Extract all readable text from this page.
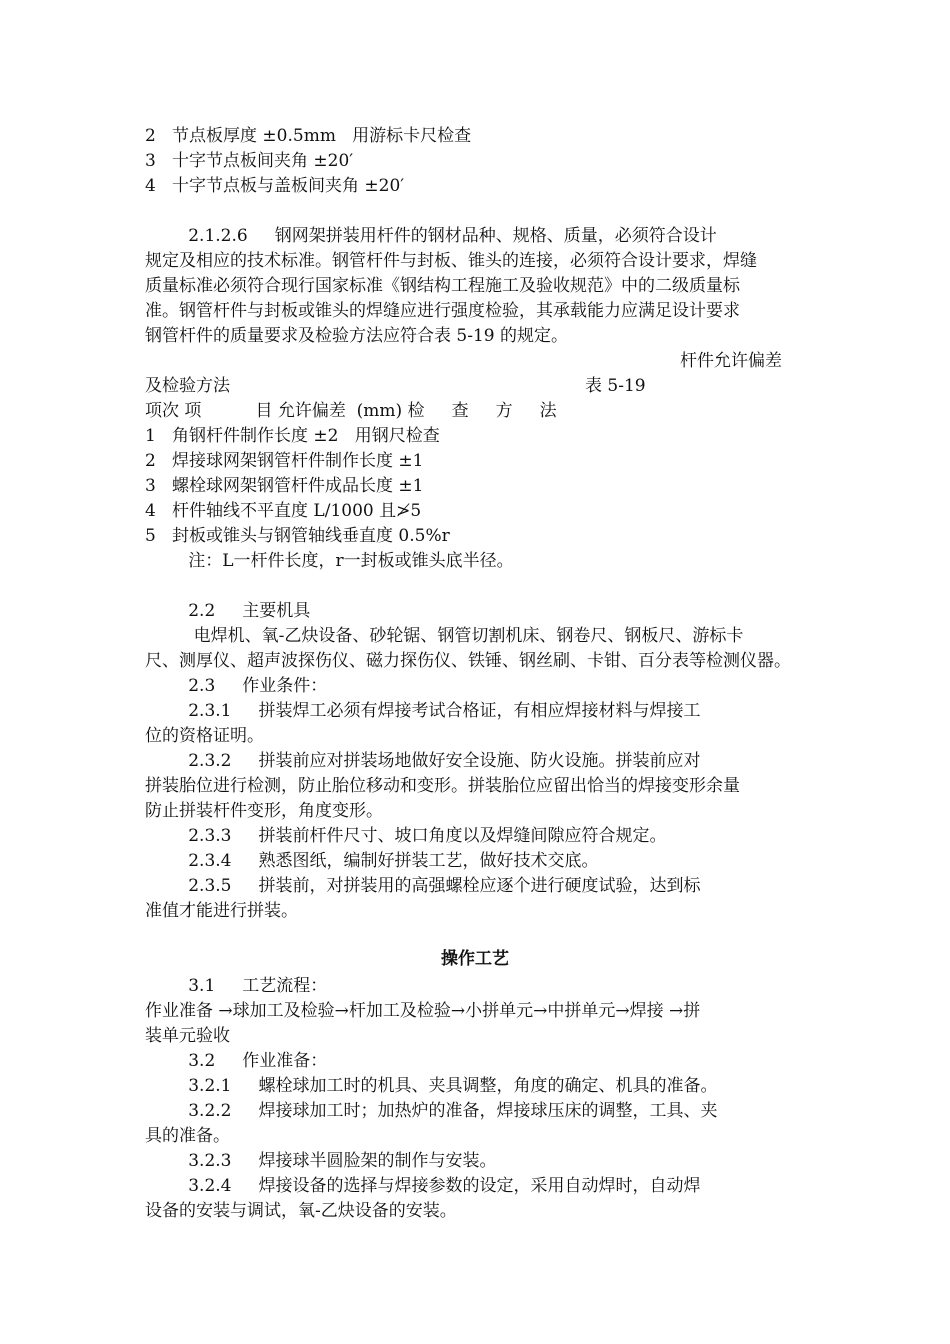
2   节点板厚度 ±0.5mm   用游标卡尺检查
3   十字节点板间夹角 ±20′
4   十字节点板与盖板间夹角 ±20′
2.1.2.6     钢网架拼装用杆件的钢材品种、规格、质量，必须符合设计
规定及相应的技术标准。钢管杆件与封板、锥头的连接，必须符合设计要求，焊缝
质量标准必须符合现行国家标准《钢结构工程施工及验收规范》中的二级质量标
准。钢管杆件与封板或锥头的焊缝应进行强度检验，其承载能力应满足设计要求
钢管杆件的质量要求及检验方法应符合表 5-19 的规定。
杆件允许偏差
及检验方法	表 5-19
项次 项          目 允许偏差  (mm) 检     查     方     法
1   角钢杆件制作长度 ±2   用钢尺检查
2   焊接球网架钢管杆件制作长度 ±1
3   螺栓球网架钢管杆件成品长度 ±1
4   杆件轴线不平直度 L/1000 且≯5
5   封板或锥头与钢管轴线垂直度 0.5%r
注：L一杆件长度，r一封板或锥头底半径。
2.2     主要机具
电焊机、氧-乙炔设备、砂轮锯、钢管切割机床、钢卷尺、钢板尺、游标卡
尺、测厚仪、超声波探伤仪、磁力探伤仪、铁锤、钢丝刷、卡钳、百分表等检测仪器。
2.3     作业条件：
2.3.1     拼装焊工必须有焊接考试合格证，有相应焊接材料与焊接工
位的资格证明。
2.3.2     拼装前应对拼装场地做好安全设施、防火设施。拼装前应对
拼装胎位进行检测，防止胎位移动和变形。拼装胎位应留出恰当的焊接变形余量
防止拼装杆件变形，角度变形。
2.3.3     拼装前杆件尺寸、坡口角度以及焊缝间隙应符合规定。
2.3.4     熟悉图纸，编制好拼装工艺，做好技术交底。
2.3.5     拼装前，对拼装用的高强螺栓应逐个进行硬度试验，达到标
准值才能进行拼装。
操作工艺
3.1     工艺流程：
作业准备 →球加工及检验→杆加工及检验→小拼单元→中拼单元→焊接 →拼
装单元验收
3.2     作业准备：
3.2.1     螺栓球加工时的机具、夹具调整，角度的确定、机具的准备。
3.2.2     焊接球加工时；加热炉的准备，焊接球压床的调整，工具、夹
具的准备。
3.2.3     焊接球半圆脸架的制作与安装。
3.2.4     焊接设备的选择与焊接参数的设定，采用自动焊时，自动焊
设备的安装与调试，氧-乙炔设备的安装。
